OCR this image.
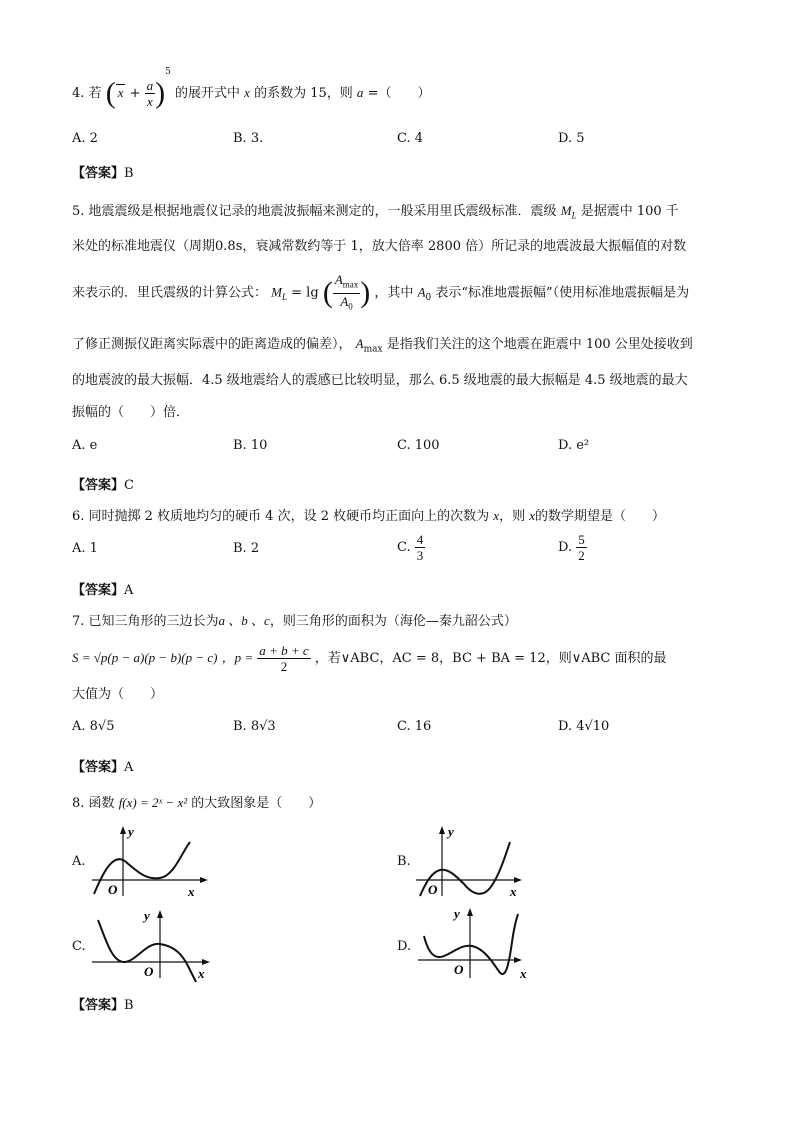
4. 若 ( $x + \frac{a}{x} )^5$ 的展开式中 x 的系数为 15，则 a =（　　）
A. 2	B. 3.	C. 4	D. 5
【答案】B
5. 地震震级是根据地震仪记录的地震波振幅来测定的，一般采用里氏震级标准．震级 $M_L$ 是据震中 100 千
米处的标准地震仪（周期0.8s，衰减常数约等于 1，放大倍率 2800 倍）所记录的地震波最大振幅值的对数
来表示的．里氏震级的计算公式： $M_L = \lg$ ( $\frac{A_{max}}{A_0}$ ) ，其中 $A_0$ 表示“标准地震振幅”（使用标准地震振幅是为
了修正测振仪距离实际震中的距离造成的偏差）， $A_{max}$ 是指我们关注的这个地震在距震中 100 公里处接收到
的地震波的最大振幅．4.5 级地震给人的震感已比较明显，那么 6.5 级地震的最大振幅是 4.5 级地震的最大
振幅的（　　）倍．
A. e	B. 10	C. 100	D. e²
【答案】C
6. 同时抛掷 2 枚质地均匀的硬币 4 次，设 2 枚硬币均正面向上的次数为 x，则 x的数学期望是（　　）
A. 1	B. 2	C. $\frac{4}{3}$	D. $\frac{5}{2}$
【答案】A
7. 已知三角形的三边长为a 、b 、c，则三角形的面积为（海伦—秦九韶公式）
S = √p(p − a)(p − b)(p − c) ，$p = \frac{a + b + c}{2}$ ，若∨ABC，AC = 8，BC + BA = 12，则∨ABC 面积的最
大值为（　　）
A. 8√5	B. 8√3	C. 16	D. 4√10
【答案】A
8. 函数 f(x) = 2ˣ − x² 的大致图象是（　　）
A.	B.
C.	D.
y
O	x
y
O	x
y
O	x
y
O	x
【答案】B
